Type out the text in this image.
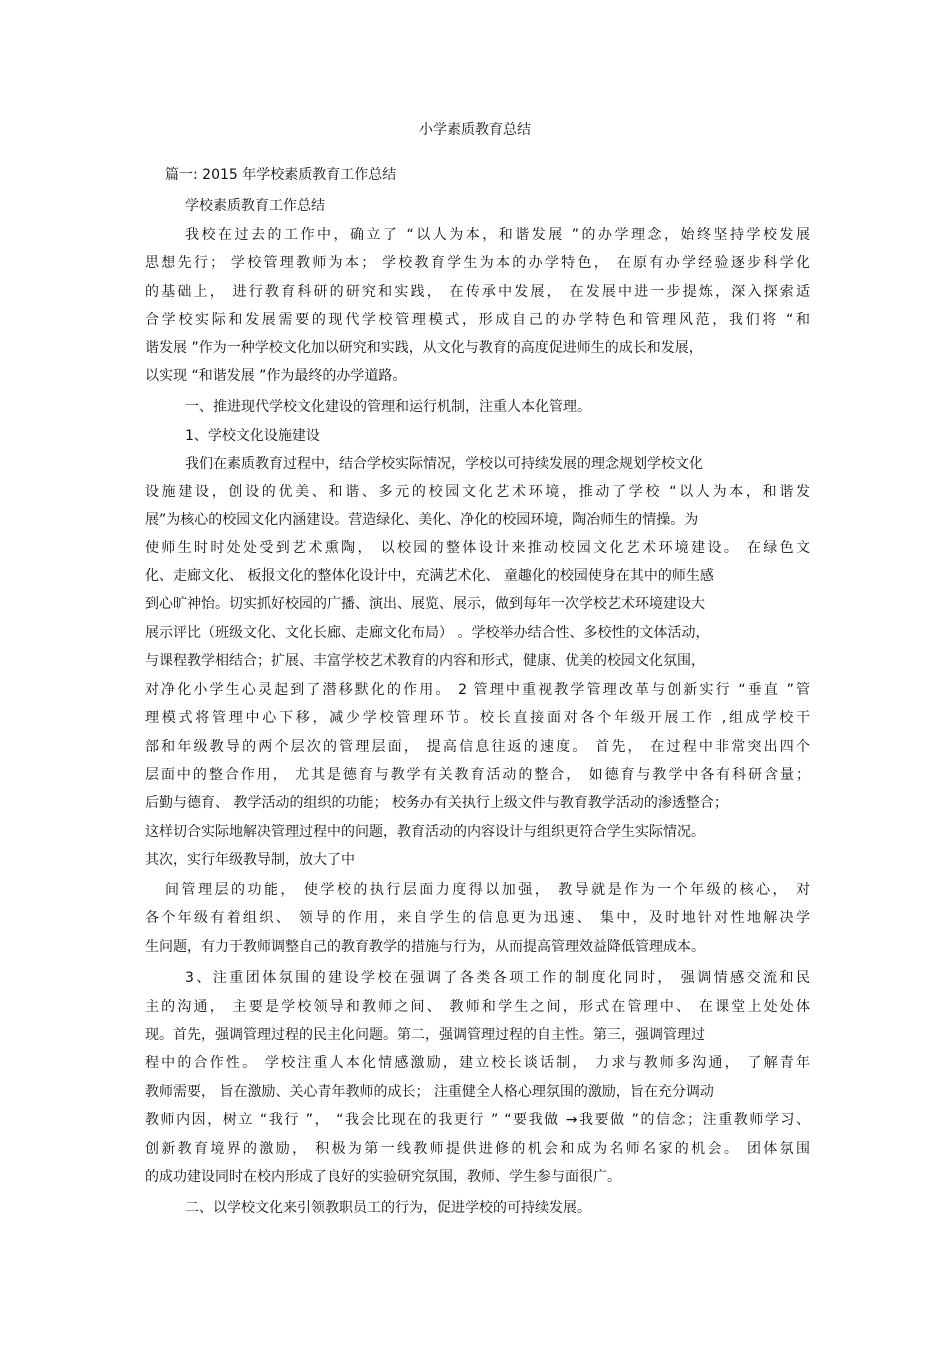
小学素质教育总结
篇一: 2015 年学校素质教育工作总结
学校素质教育工作总结
我校在过去的工作中，确立了 “以人为本，和谐发展 ”的办学理念，始终坚持学校发展
思想先行； 学校管理教师为本； 学校教育学生为本的办学特色， 在原有办学经验逐步科学化
的基础上， 进行教育科研的研究和实践， 在传承中发展， 在发展中进一步提炼，深入探索适
合学校实际和发展需要的现代学校管理模式，形成自己的办学特色和管理风范，我们将 “和
谐发展 ”作为一种学校文化加以研究和实践，从文化与教育的高度促进师生的成长和发展，
以实现 “和谐发展 ”作为最终的办学道路。
一、推进现代学校文化建设的管理和运行机制，注重人本化管理。
1、学校文化设施建设
我们在素质教育过程中，结合学校实际情况，学校以可持续发展的理念规划学校文化
设施建设，创设的优美、和谐、多元的校园文化艺术环境，推动了学校 “以人为本，和谐发
展”为核心的校园文化内涵建设。营造绿化、美化、净化的校园环境，陶冶师生的情操。为
使师生时时处处受到艺术熏陶， 以校园的整体设计来推动校园文化艺术环境建设。 在绿色文
化、走廊文化、 板报文化的整体化设计中，充满艺术化、 童趣化的校园使身在其中的师生感
到心旷神怡。切实抓好校园的广播、演出、展览、展示，做到每年一次学校艺术环境建设大
展示评比（班级文化、文化长廊、走廊文化布局） 。学校举办结合性、多校性的文体活动，
与课程教学相结合；扩展、丰富学校艺术教育的内容和形式，健康、优美的校园文化氛围，
对净化小学生心灵起到了潜移默化的作用。 2 管理中重视教学管理改革与创新实行 “垂直 ”管
理模式将管理中心下移，减少学校管理环节。校长直接面对各个年级开展工作 ,组成学校干
部和年级教导的两个层次的管理层面， 提高信息往返的速度。 首先， 在过程中非常突出四个
层面中的整合作用， 尤其是德育与教学有关教育活动的整合， 如德育与教学中各有科研含量；
后勤与德育、 教学活动的组织的功能； 校务办有关执行上级文件与教育教学活动的渗透整合；
这样切合实际地解决管理过程中的问题，教育活动的内容设计与组织更符合学生实际情况。
其次，实行年级教导制，放大了中
间管理层的功能， 使学校的执行层面力度得以加强， 教导就是作为一个年级的核心， 对
各个年级有着组织、 领导的作用，来自学生的信息更为迅速、 集中，及时地针对性地解决学
生问题，有力于教师调整自己的教育教学的措施与行为，从而提高管理效益降低管理成本。
3、注重团体氛围的建设学校在强调了各类各项工作的制度化同时， 强调情感交流和民
主的沟通， 主要是学校领导和教师之间、 教师和学生之间，形式在管理中、 在课堂上处处体
现。首先，强调管理过程的民主化问题。第二，强调管理过程的自主性。第三，强调管理过
程中的合作性。 学校注重人本化情感激励，建立校长谈话制， 力求与教师多沟通， 了解青年
教师需要， 旨在激励、关心青年教师的成长； 注重健全人格心理氛围的激励，旨在充分调动
教师内因，树立 “我行 ”， “我会比现在的我更行 ” “要我做 →我要做 ”的信念；注重教师学习、
创新教育境界的激励， 积极为第一线教师提供进修的机会和成为名师名家的机会。 团体氛围
的成功建设同时在校内形成了良好的实验研究氛围，教师、学生参与面很广。
二、以学校文化来引领教职员工的行为，促进学校的可持续发展。
